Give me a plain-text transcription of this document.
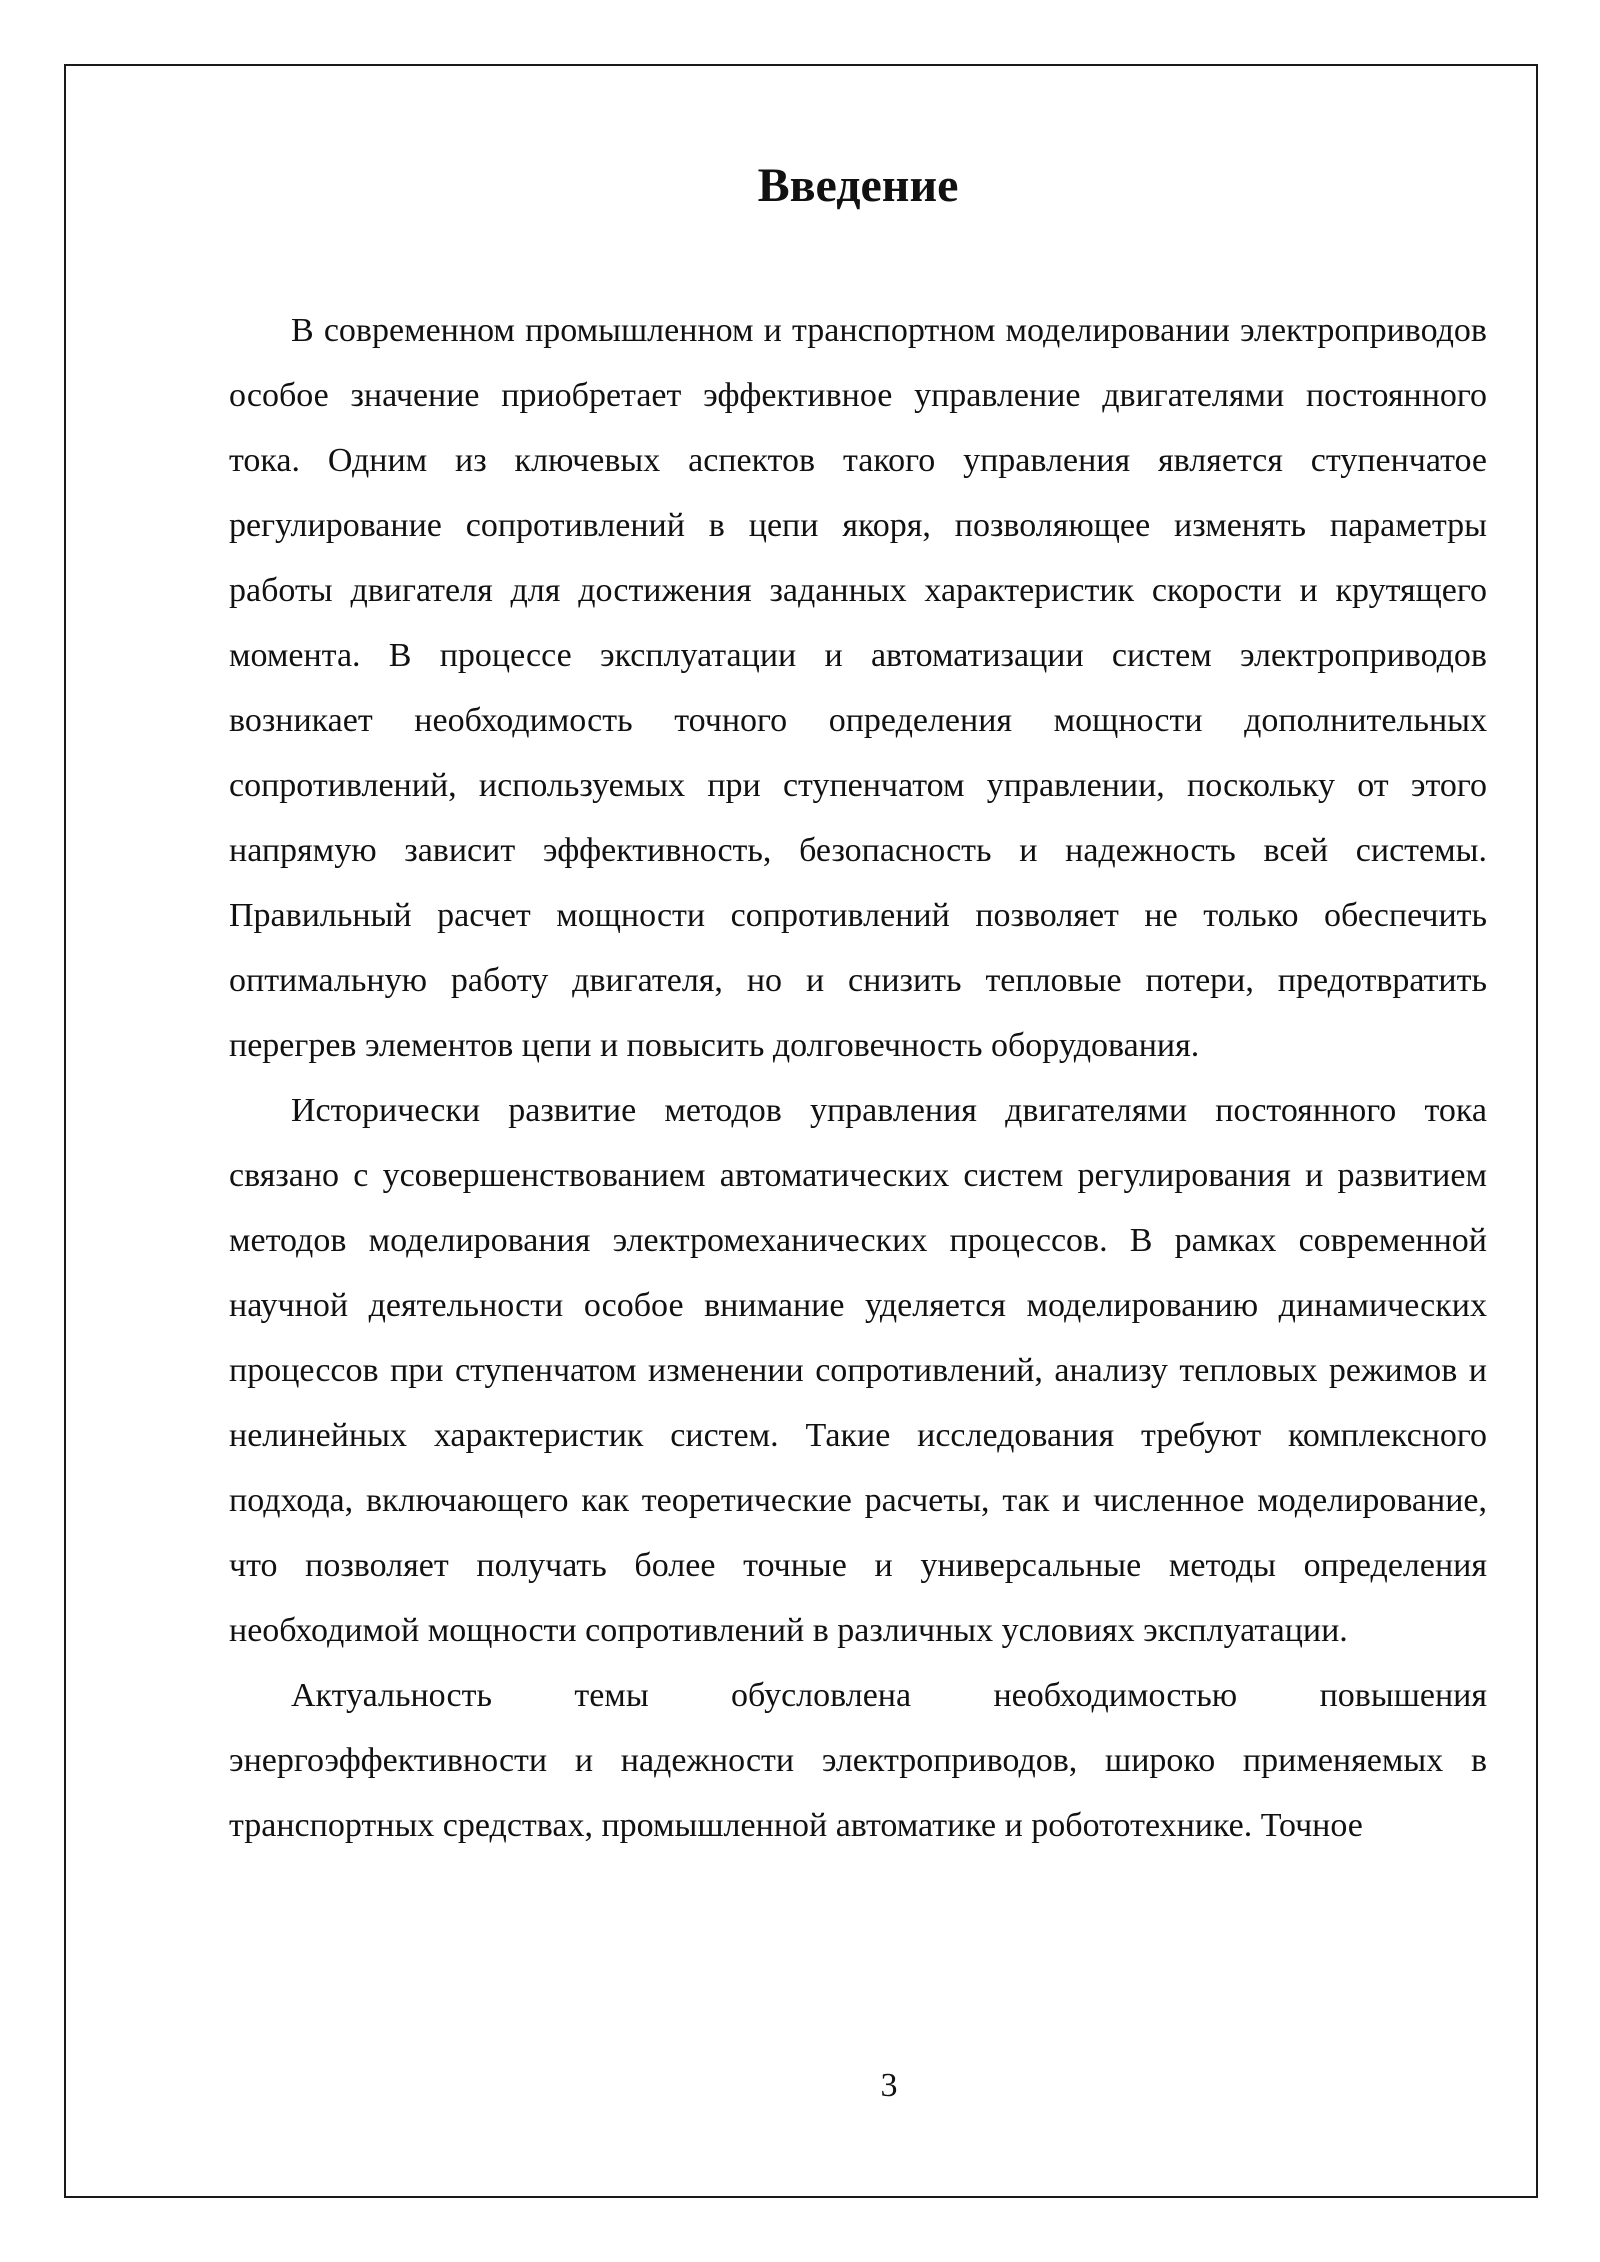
Введение

В современном промышленном и транспортном моделировании электроприводов особое значение приобретает эффективное управление двигателями постоянного тока. Одним из ключевых аспектов такого управления является ступенчатое регулирование сопротивлений в цепи якоря, позволяющее изменять параметры работы двигателя для достижения заданных характеристик скорости и крутящего момента. В процессе эксплуатации и автоматизации систем электроприводов возникает необходимость точного определения мощности дополнительных сопротивлений, используемых при ступенчатом управлении, поскольку от этого напрямую зависит эффективность, безопасность и надежность всей системы. Правильный расчет мощности сопротивлений позволяет не только обеспечить оптимальную работу двигателя, но и снизить тепловые потери, предотвратить перегрев элементов цепи и повысить долговечность оборудования.

Исторически развитие методов управления двигателями постоянного тока связано с усовершенствованием автоматических систем регулирования и развитием методов моделирования электромеханических процессов. В рамках современной научной деятельности особое внимание уделяется моделированию динамических процессов при ступенчатом изменении сопротивлений, анализу тепловых режимов и нелинейных характеристик систем. Такие исследования требуют комплексного подхода, включающего как теоретические расчеты, так и численное моделирование, что позволяет получать более точные и универсальные методы определения необходимой мощности сопротивлений в различных условиях эксплуатации.

Актуальность темы обусловлена необходимостью повышения энергоэффективности и надежности электроприводов, широко применяемых в транспортных средствах, промышленной автоматике и робототехнике. Точное

3
